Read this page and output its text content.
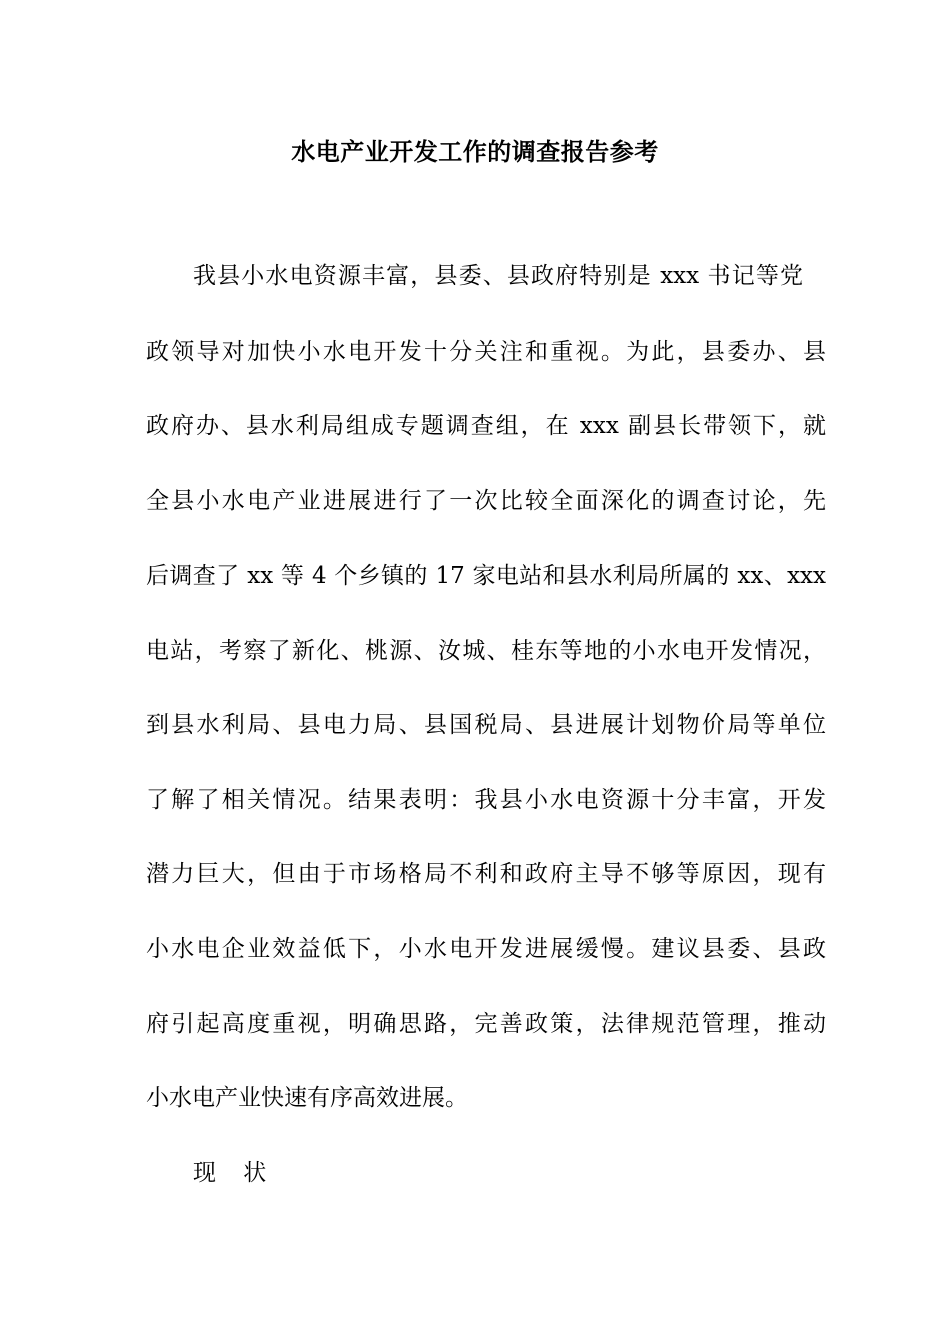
水电产业开发工作的调查报告参考
我县小水电资源丰富，县委、县政府特别是 xxx 书记等党
政领导对加快小水电开发十分关注和重视。为此，县委办、县
政府办、县水利局组成专题调查组，在 xxx 副县长带领下，就
全县小水电产业进展进行了一次比较全面深化的调查讨论，先
后调查了 xx 等 4 个乡镇的 17 家电站和县水利局所属的 xx、xxx
电站，考察了新化、桃源、汝城、桂东等地的小水电开发情况，
到县水利局、县电力局、县国税局、县进展计划物价局等单位
了解了相关情况。结果表明：我县小水电资源十分丰富，开发
潜力巨大，但由于市场格局不利和政府主导不够等原因，现有
小水电企业效益低下，小水电开发进展缓慢。建议县委、县政
府引起高度重视，明确思路，完善政策，法律规范管理，推动
小水电产业快速有序高效进展。
现 状
